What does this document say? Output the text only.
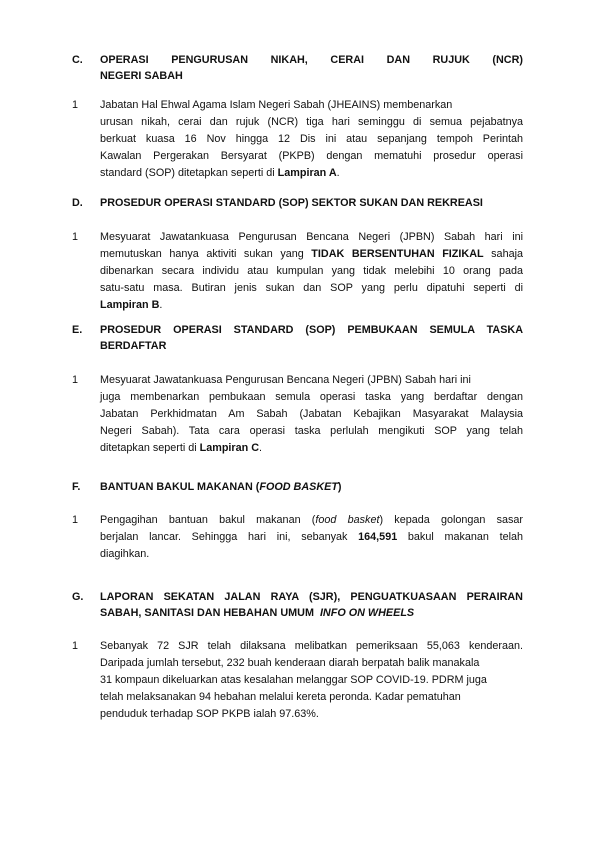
C. OPERASI PENGURUSAN NIKAH, CERAI DAN RUJUK (NCR)
NEGERI SABAH
1 Jabatan Hal Ehwal Agama Islam Negeri Sabah (JHEAINS) membenarkan
urusan nikah, cerai dan rujuk (NCR) tiga hari seminggu di semua pejabatnya
berkuat kuasa 16 Nov hingga 12 Dis ini atau sepanjang tempoh Perintah
Kawalan Pergerakan Bersyarat (PKPB) dengan mematuhi prosedur operasi
standard (SOP) ditetapkan seperti di Lampiran A.
D. PROSEDUR OPERASI STANDARD (SOP) SEKTOR SUKAN DAN REKREASI
1 Mesyuarat Jawatankuasa Pengurusan Bencana Negeri (JPBN) Sabah hari ini
memutuskan hanya aktiviti sukan yang TIDAK BERSENTUHAN FIZIKAL sahaja
dibenarkan secara individu atau kumpulan yang tidak melebihi 10 orang pada
satu-satu masa. Butiran jenis sukan dan SOP yang perlu dipatuhi seperti di
Lampiran B.
E. PROSEDUR OPERASI STANDARD (SOP) PEMBUKAAN SEMULA TASKA
BERDAFTAR
1 Mesyuarat Jawatankuasa Pengurusan Bencana Negeri (JPBN) Sabah hari ini
juga membenarkan pembukaan semula operasi taska yang berdaftar dengan
Jabatan Perkhidmatan Am Sabah (Jabatan Kebajikan Masyarakat Malaysia
Negeri Sabah). Tata cara operasi taska perlulah mengikuti SOP yang telah
ditetapkan seperti di Lampiran C.
F. BANTUAN BAKUL MAKANAN (FOOD BASKET)
1 Pengagihan bantuan bakul makanan (food basket) kepada golongan sasar
berjalan lancar. Sehingga hari ini, sebanyak 164,591 bakul makanan telah
diagihkan.
G. LAPORAN SEKATAN JALAN RAYA (SJR), PENGUATKUASAAN PERAIRAN
SABAH, SANITASI DAN HEBAHAN UMUM  INFO ON WHEELS
1 Sebanyak 72 SJR telah dilaksana melibatkan pemeriksaan 55,063 kenderaan.
Daripada jumlah tersebut, 232 buah kenderaan diarah berpatah balik manakala
31 kompaun dikeluarkan atas kesalahan melanggar SOP COVID-19. PDRM juga
telah melaksanakan 94 hebahan melalui kereta peronda. Kadar pematuhan
penduduk terhadap SOP PKPB ialah 97.63%.
